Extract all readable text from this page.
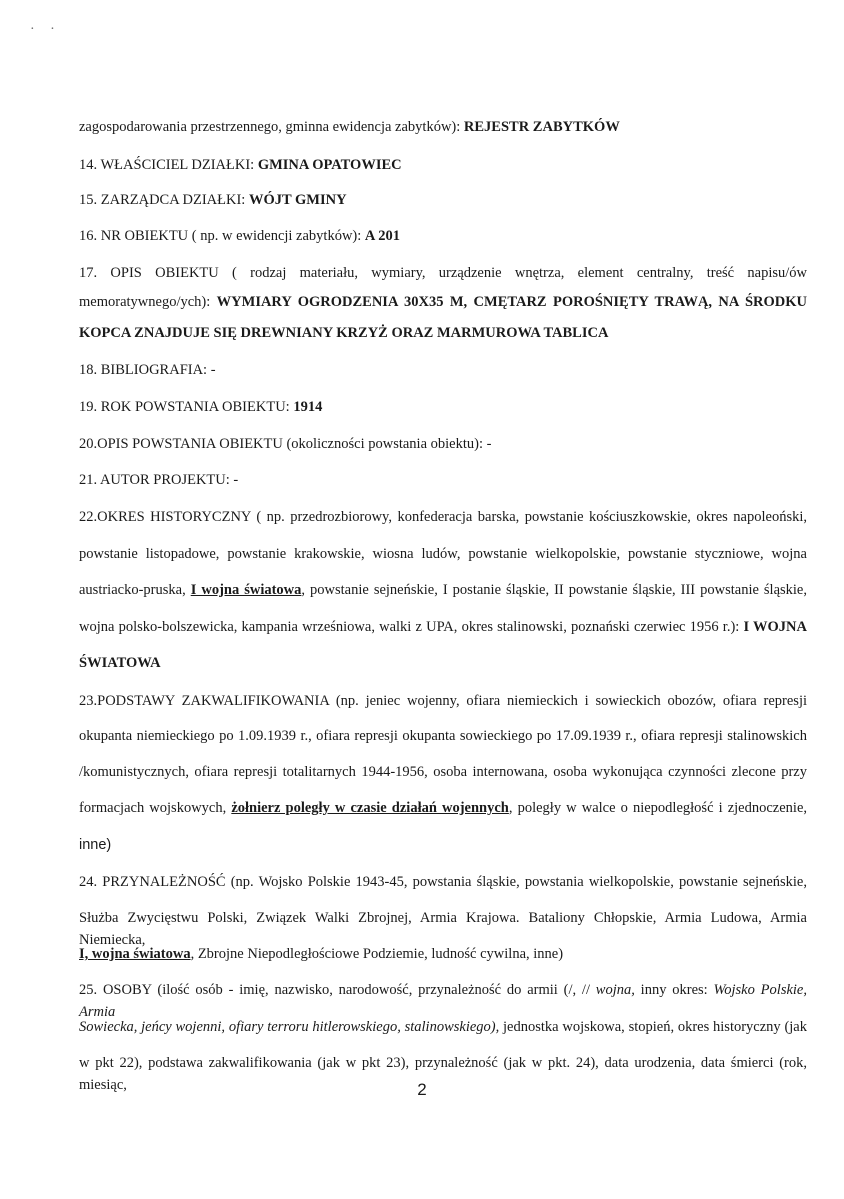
· ·

zagospodarowania przestrzennego, gminna ewidencja zabytków): REJESTR ZABYTKÓW

14. WŁAŚCICIEL DZIAŁKI: GMINA OPATOWIEC

15. ZARZĄDCA DZIAŁKI: WÓJT GMINY

16. NR OBIEKTU ( np. w ewidencji zabytków): A 201

17. OPIS OBIEKTU ( rodzaj materiału, wymiary, urządzenie wnętrza, element centralny, treść napisu/ów

memoratywnego/ych): WYMIARY OGRODZENIA 30X35 M, CMĘTARZ POROŚNIĘTY TRAWĄ, NA ŚRODKU

KOPCA ZNAJDUJE SIĘ DREWNIANY KRZYŻ ORAZ MARMUROWA TABLICA

18. BIBLIOGRAFIA: -

19. ROK POWSTANIA OBIEKTU: 1914

20.OPIS POWSTANIA OBIEKTU (okoliczności powstania obiektu): -

21. AUTOR PROJEKTU: -

22.OKRES HISTORYCZNY ( np. przedrozbiorowy, konfederacja barska, powstanie kościuszkowskie, okres napoleoński,

powstanie listopadowe, powstanie krakowskie, wiosna ludów, powstanie wielkopolskie, powstanie styczniowe, wojna

austriacko-pruska, I wojna światowa, powstanie sejneńskie, I postanie śląskie, II powstanie śląskie, III powstanie śląskie,

wojna polsko-bolszewicka, kampania wrześniowa, walki z UPA, okres stalinowski, poznański czerwiec 1956 r.): I WOJNA

ŚWIATOWA

23.PODSTAWY ZAKWALIFIKOWANIA (np. jeniec wojenny, ofiara niemieckich i sowieckich obozów, ofiara represji

okupanta niemieckiego po 1.09.1939 r., ofiara represji okupanta sowieckiego po 17.09.1939 r., ofiara represji stalinowskich

/komunistycznych, ofiara represji totalitarnych 1944-1956, osoba internowana, osoba wykonująca czynności zlecone przy

formacjach wojskowych, żołnierz poległy w czasie działań wojennych, poległy w walce o niepodległość i zjednoczenie,

inne)

24. PRZYNALEŻNOŚĆ (np. Wojsko Polskie 1943-45, powstania śląskie, powstania wielkopolskie, powstanie sejneńskie,

Służba Zwycięstwu Polski, Związek Walki Zbrojnej, Armia Krajowa. Bataliony Chłopskie, Armia Ludowa, Armia Niemiecka,

I, wojna światowa, Zbrojne Niepodległościowe Podziemie, ludność cywilna, inne)

25. OSOBY (ilość osób - imię, nazwisko, narodowość, przynależność do armii (/, // wojna, inny okres: Wojsko Polskie, Armia

Sowiecka, jeńcy wojenni, ofiary terroru hitlerowskiego, stalinowskiego), jednostka wojskowa, stopień, okres historyczny (jak

w pkt 22), podstawa zakwalifikowania (jak w pkt 23), przynależność (jak w pkt. 24), data urodzenia, data śmierci (rok, miesiąc,	2
